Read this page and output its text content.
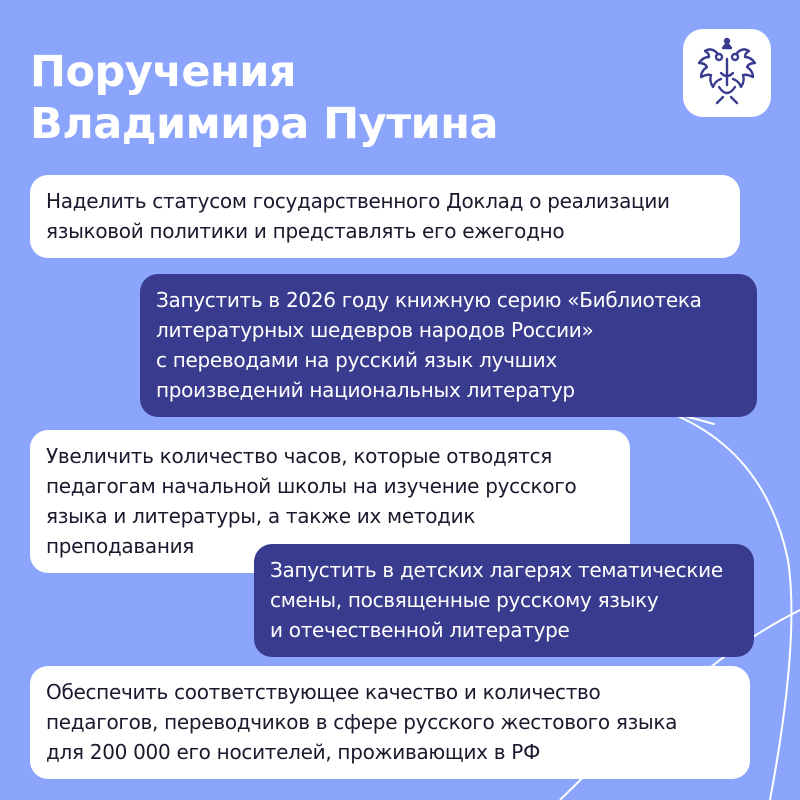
Поручения
Владимира Путина
Наделить статусом государственного Доклад о реализации
языковой политики и представлять его ежегодно
Запустить в 2026 году книжную серию «Библиотека
литературных шедевров народов России»
с переводами на русский язык лучших
произведений национальных литератур
Увеличить количество часов, которые отводятся
педагогам начальной школы на изучение русского
языка и литературы, а также их методик
преподавания
Запустить в детских лагерях тематические
смены, посвященные русскому языку
и отечественной литературе
Обеспечить соответствующее качество и количество
педагогов, переводчиков в сфере русского жестового языка
для 200 000 его носителей, проживающих в РФ
